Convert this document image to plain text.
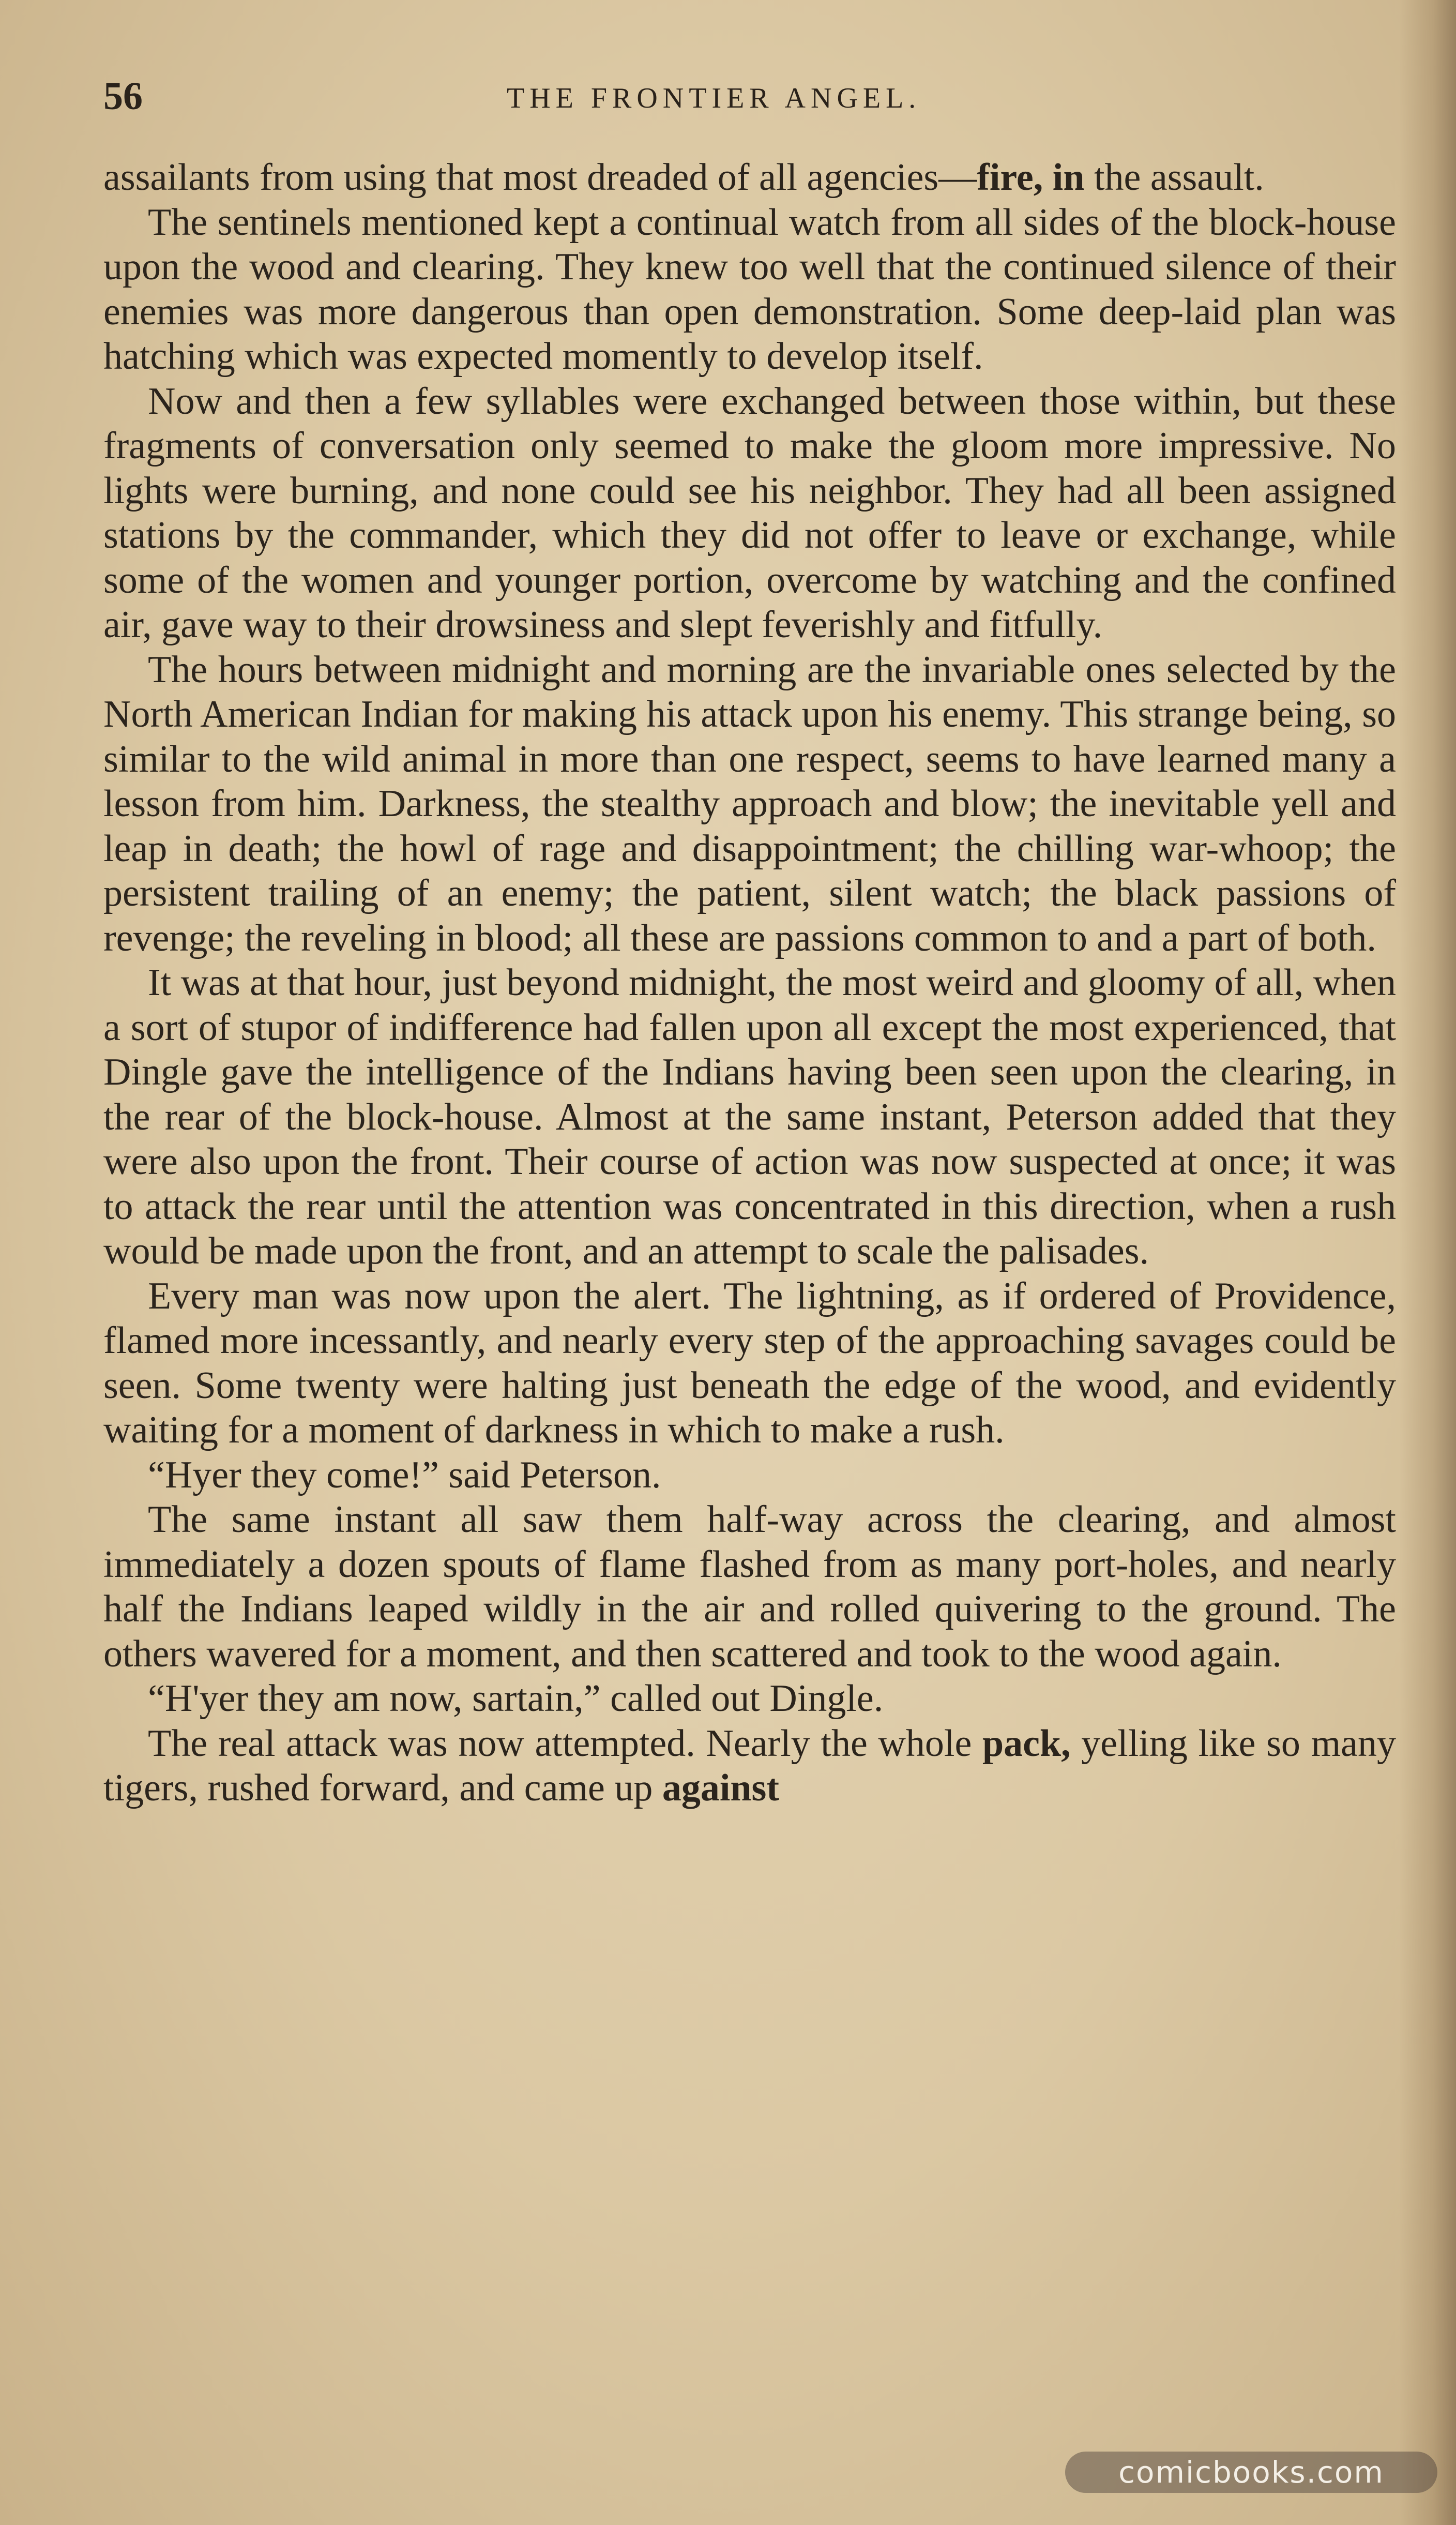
56	THE FRONTIER ANGEL.

assailants from using that most dreaded of all agencies—fire, in the assault.

The sentinels mentioned kept a continual watch from all sides of the block-house upon the wood and clearing. They knew too well that the continued silence of their enemies was more dangerous than open demonstration. Some deep-laid plan was hatching which was expected momently to develop itself.

Now and then a few syllables were exchanged between those within, but these fragments of conversation only seemed to make the gloom more impressive. No lights were burning, and none could see his neighbor. They had all been assigned stations by the commander, which they did not offer to leave or exchange, while some of the women and younger portion, overcome by watching and the confined air, gave way to their drowsiness and slept feverishly and fitfully.

The hours between midnight and morning are the invariable ones selected by the North American Indian for making his attack upon his enemy. This strange being, so similar to the wild animal in more than one respect, seems to have learned many a lesson from him. Darkness, the stealthy approach and blow; the inevitable yell and leap in death; the howl of rage and disappointment; the chilling war-whoop; the persistent trailing of an enemy; the patient, silent watch; the black passions of revenge; the reveling in blood; all these are passions common to and a part of both.

It was at that hour, just beyond midnight, the most weird and gloomy of all, when a sort of stupor of indifference had fallen upon all except the most experienced, that Dingle gave the intelligence of the Indians having been seen upon the clearing, in the rear of the block-house. Almost at the same instant, Peterson added that they were also upon the front. Their course of action was now suspected at once; it was to attack the rear until the attention was concentrated in this direction, when a rush would be made upon the front, and an attempt to scale the palisades.

Every man was now upon the alert. The lightning, as if ordered of Providence, flamed more incessantly, and nearly every step of the approaching savages could be seen. Some twenty were halting just beneath the edge of the wood, and evidently waiting for a moment of darkness in which to make a rush.

“Hyer they come!” said Peterson.

The same instant all saw them half-way across the clearing, and almost immediately a dozen spouts of flame flashed from as many port-holes, and nearly half the Indians leaped wildly in the air and rolled quivering to the ground. The others wavered for a moment, and then scattered and took to the wood again.

“H'yer they am now, sartain,” called out Dingle.

The real attack was now attempted. Nearly the whole pack, yelling like so many tigers, rushed forward, and came up against

comicbooks.com
